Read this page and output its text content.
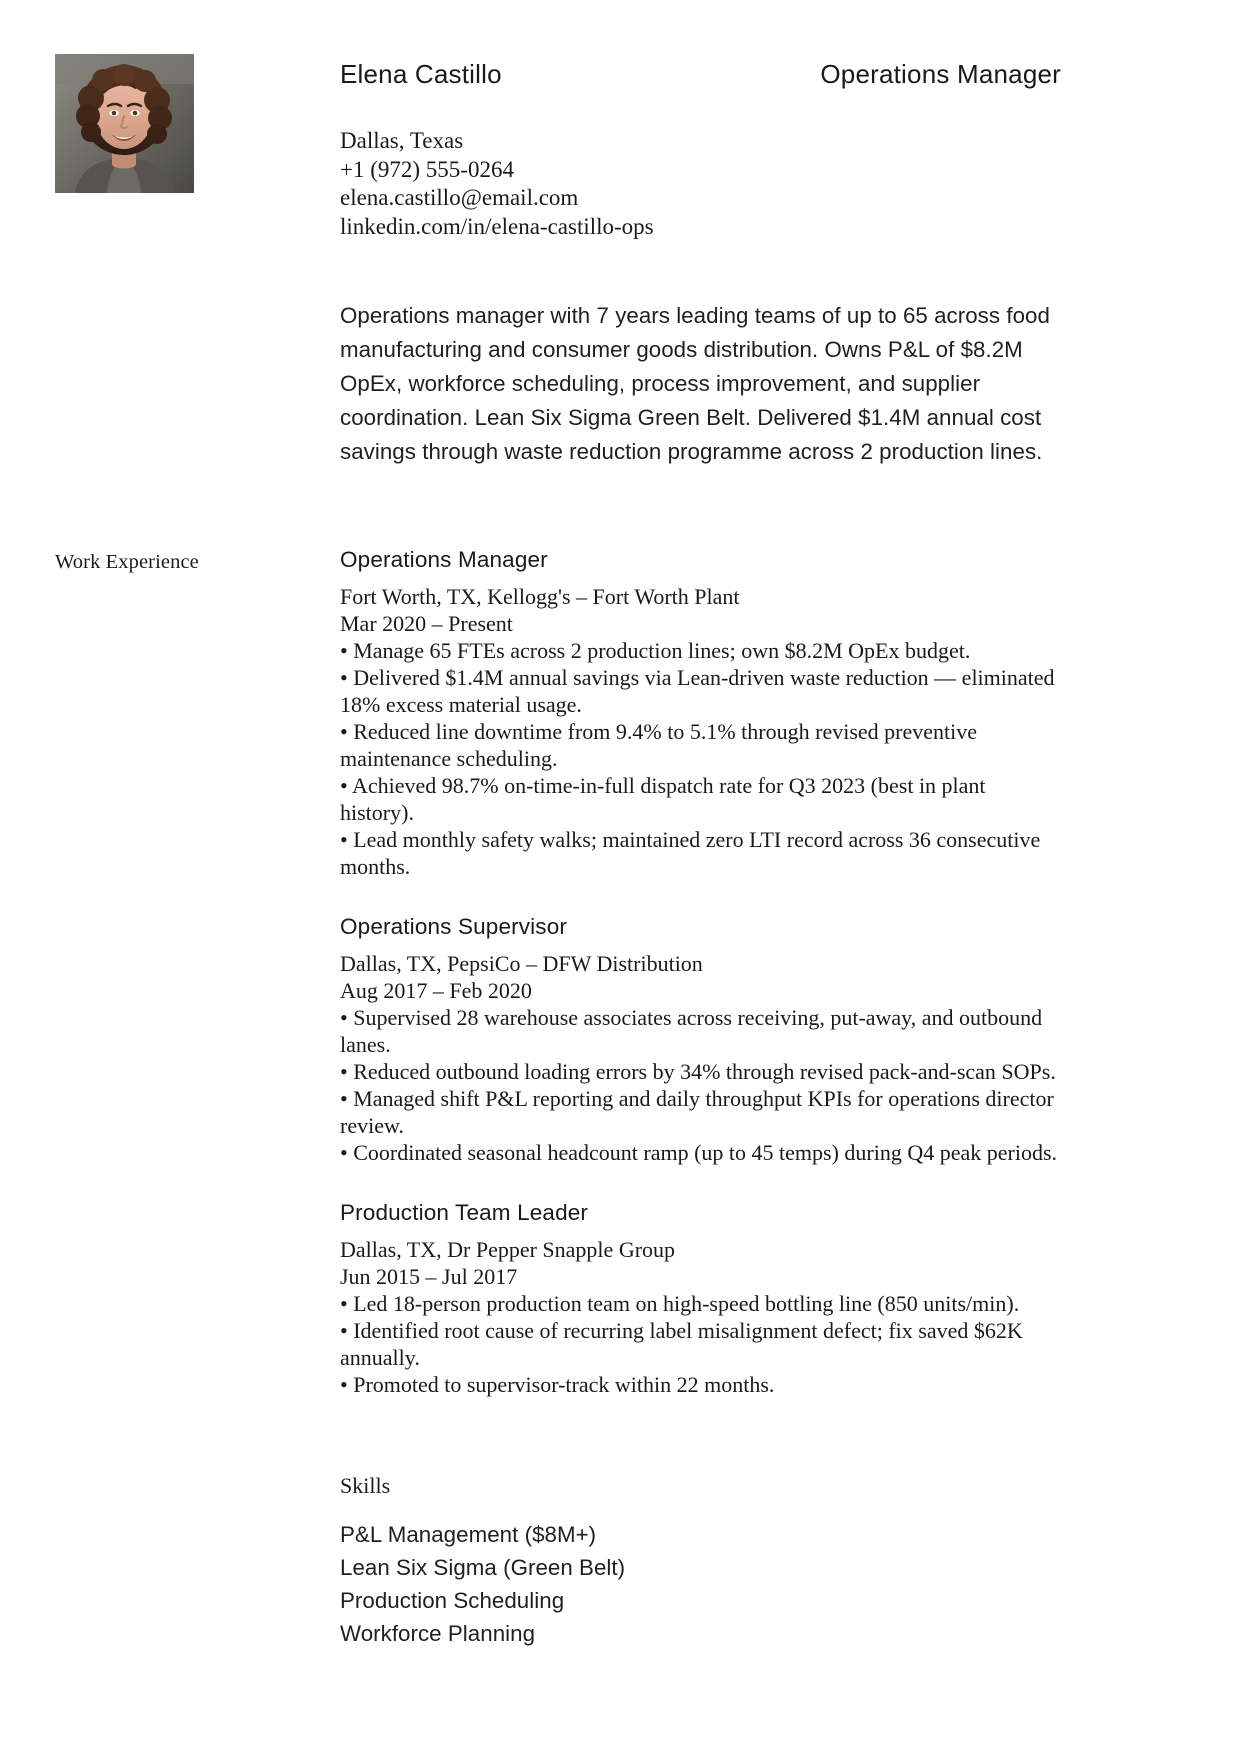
Elena Castillo	Operations Manager
Dallas, Texas
+1 (972) 555-0264
elena.castillo@email.com
linkedin.com/in/elena-castillo-ops
Operations manager with 7 years leading teams of up to 65 across food manufacturing and consumer goods distribution. Owns P&L of $8.2M OpEx, workforce scheduling, process improvement, and supplier coordination. Lean Six Sigma Green Belt. Delivered $1.4M annual cost savings through waste reduction programme across 2 production lines.
Work Experience	Operations Manager
Fort Worth, TX, Kellogg's – Fort Worth Plant
Mar 2020 – Present

• Manage 65 FTEs across 2 production lines; own $8.2M OpEx budget.

• Delivered $1.4M annual savings via Lean-driven waste reduction — eliminated 18% excess material usage.

• Reduced line downtime from 9.4% to 5.1% through revised preventive maintenance scheduling.

• Achieved 98.7% on-time-in-full dispatch rate for Q3 2023 (best in plant history).

• Lead monthly safety walks; maintained zero LTI record across 36 consecutive months.

Operations Supervisor
Dallas, TX, PepsiCo – DFW Distribution
Aug 2017 – Feb 2020

• Supervised 28 warehouse associates across receiving, put-away, and outbound lanes.

• Reduced outbound loading errors by 34% through revised pack-and-scan SOPs.

• Managed shift P&L reporting and daily throughput KPIs for operations director review.

• Coordinated seasonal headcount ramp (up to 45 temps) during Q4 peak periods.

Production Team Leader
Dallas, TX, Dr Pepper Snapple Group
Jun 2015 – Jul 2017

• Led 18-person production team on high-speed bottling line (850 units/min).

• Identified root cause of recurring label misalignment defect; fix saved $62K annually.

• Promoted to supervisor-track within 22 months.

Skills
P&L Management ($8M+)
Lean Six Sigma (Green Belt)
Production Scheduling
Workforce Planning
